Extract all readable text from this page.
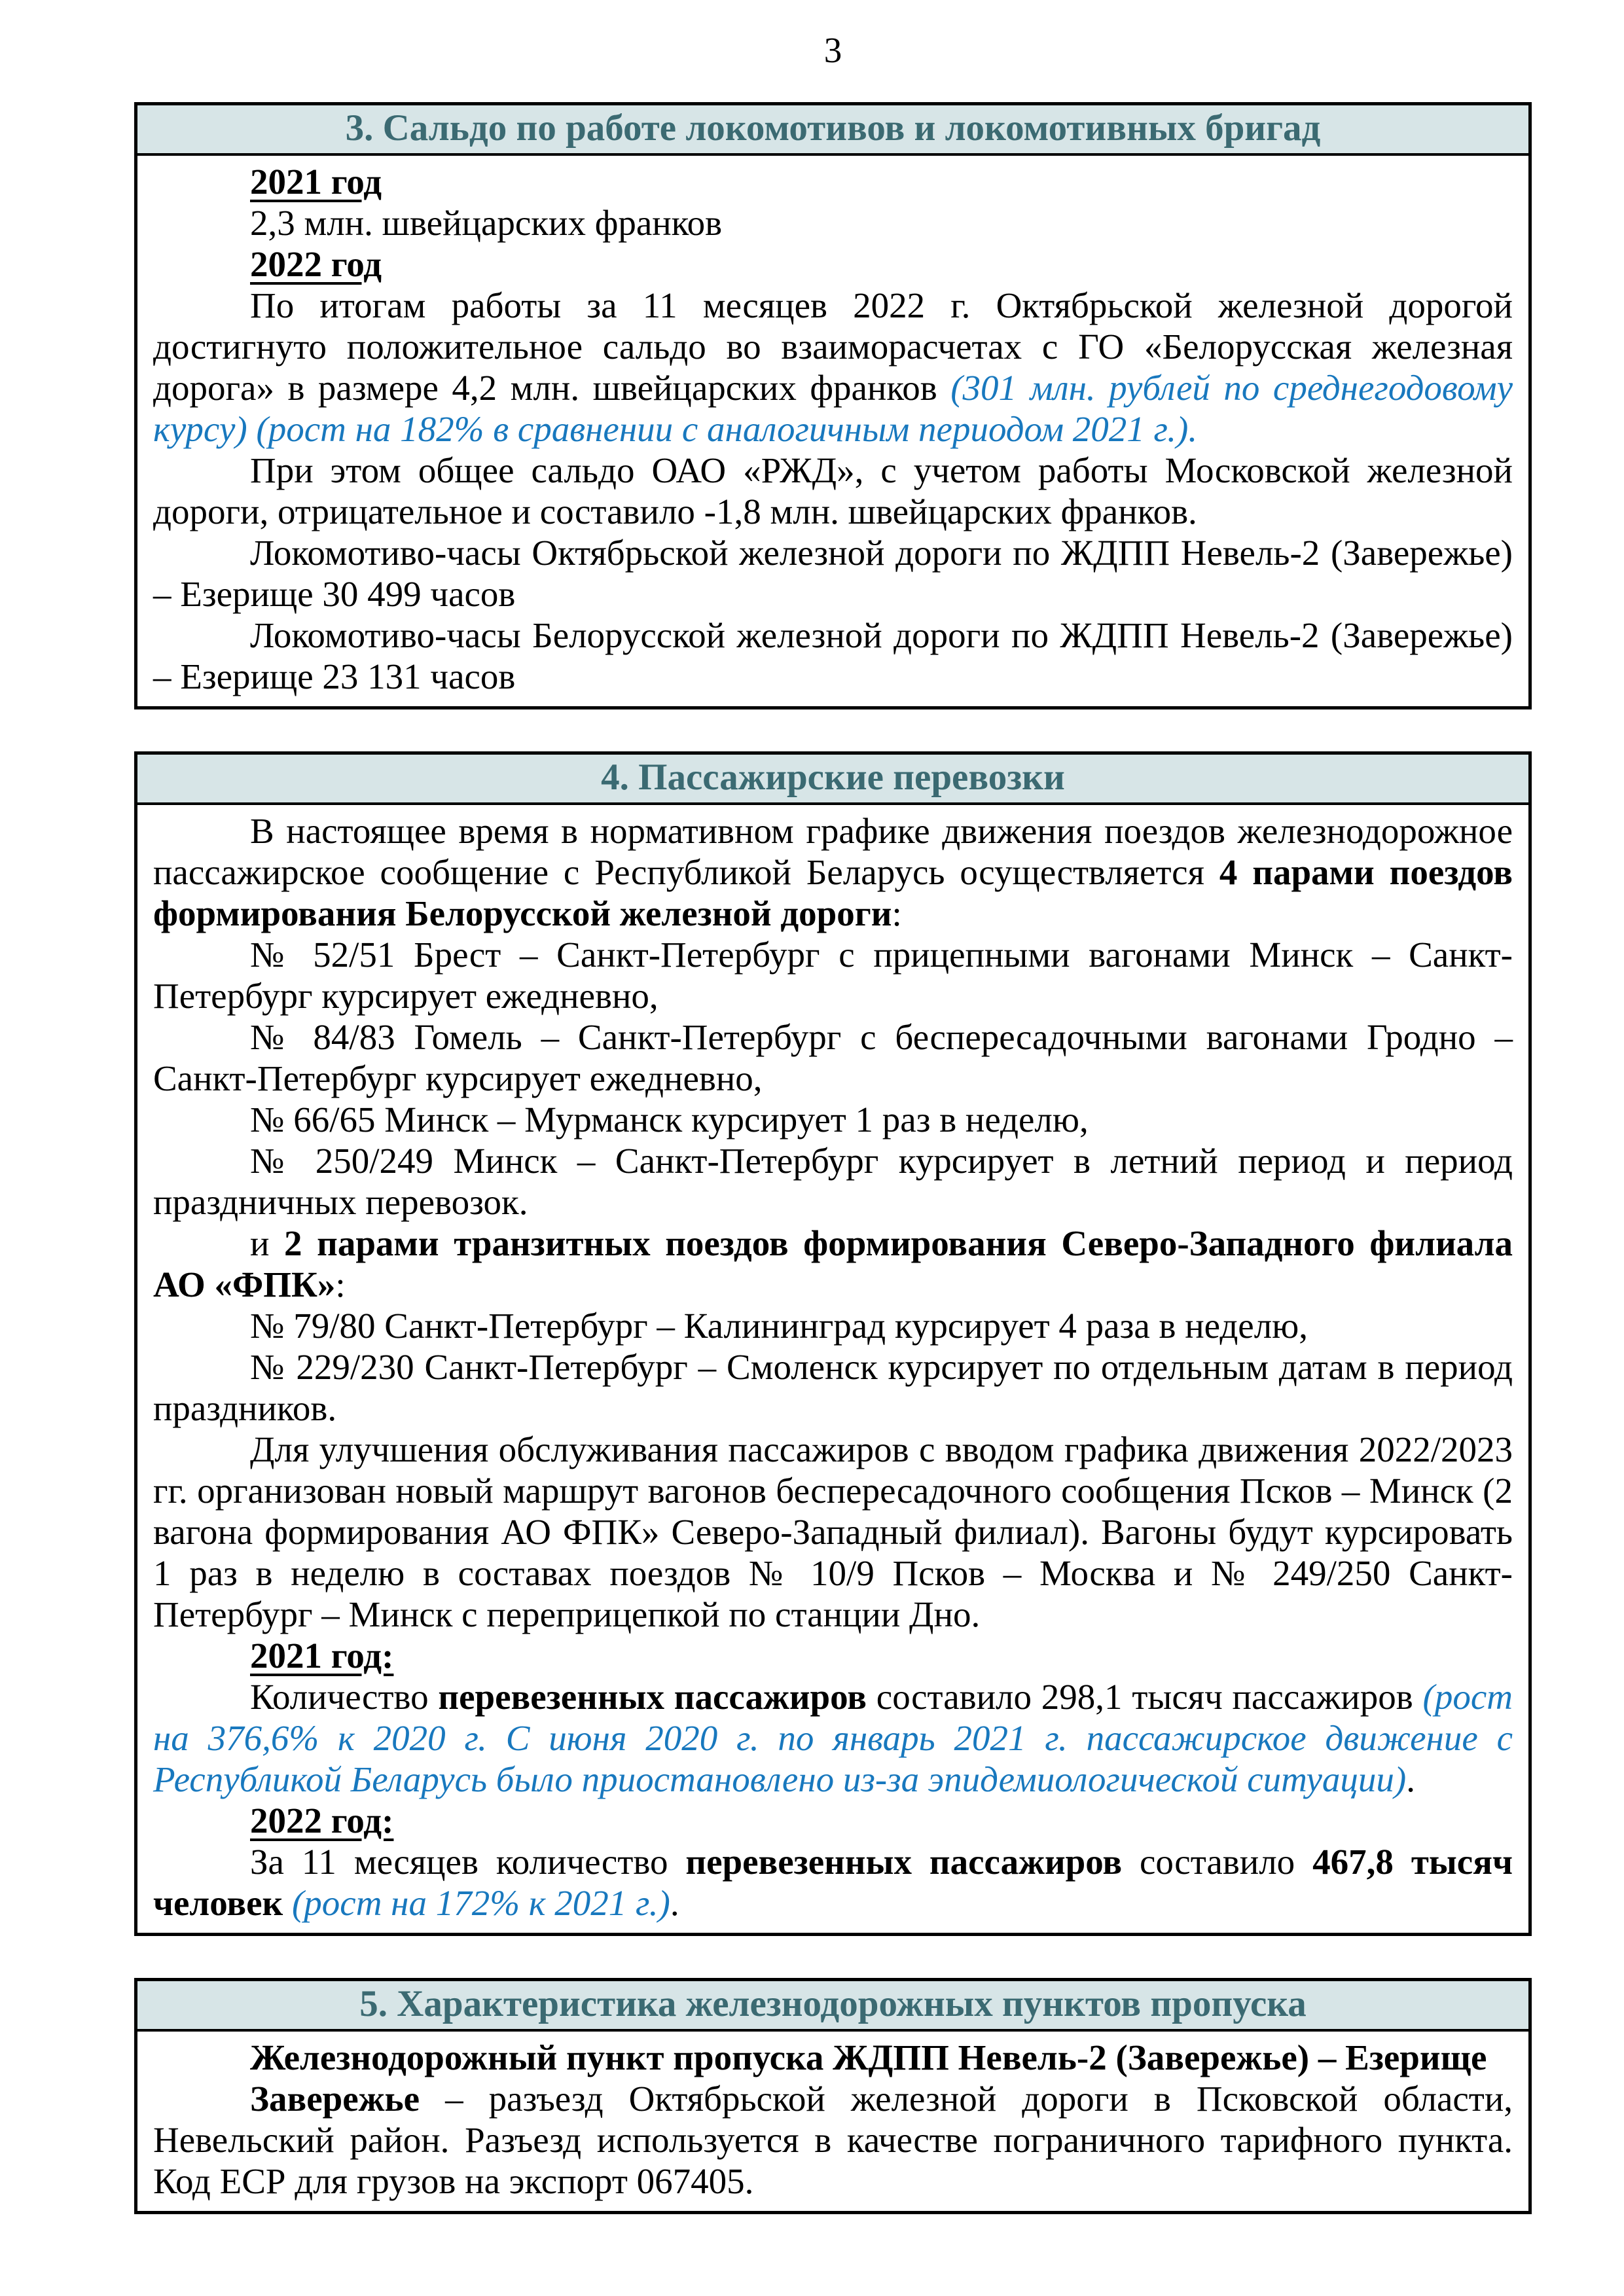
3
3. Сальдо по работе локомотивов и локомотивных бригад

2021 год

2,3 млн. швейцарских франков

2022 год

По итогам работы за 11 месяцев 2022 г. Октябрьской железной дорогой достигнуто положительное сальдо во взаиморасчетах с ГО «Белорусская железная дорога» в размере 4,2 млн. швейцарских франков (301 млн. рублей по среднегодовому курсу) (рост на 182% в сравнении с аналогичным периодом 2021 г.).

При этом общее сальдо ОАО «РЖД», с учетом работы Московской железной дороги, отрицательное и составило -1,8 млн. швейцарских франков.

Локомотиво-часы Октябрьской железной дороги по ЖДПП Невель-2 (Завережье) – Езерище 30 499 часов

Локомотиво-часы Белорусской железной дороги по ЖДПП Невель-2 (Завережье) – Езерище 23 131 часов

4. Пассажирские перевозки

В настоящее время в нормативном графике движения поездов железнодорожное пассажирское сообщение с Республикой Беларусь осуществляется 4 парами поездов формирования Белорусской железной дороги:

№ 52/51 Брест – Санкт-Петербург с прицепными вагонами Минск – Санкт-Петербург курсирует ежедневно,

№ 84/83 Гомель – Санкт-Петербург с беспересадочными вагонами Гродно – Санкт-Петербург курсирует ежедневно,

№ 66/65 Минск – Мурманск курсирует 1 раз в неделю,

№ 250/249 Минск – Санкт-Петербург курсирует в летний период и период праздничных перевозок.

и 2 парами транзитных поездов формирования Северо-Западного филиала АО «ФПК»:

№ 79/80 Санкт-Петербург – Калининград курсирует 4 раза в неделю,

№ 229/230 Санкт-Петербург – Смоленск курсирует по отдельным датам в период праздников.

Для улучшения обслуживания пассажиров с вводом графика движения 2022/2023 гг. организован новый маршрут вагонов беспересадочного сообщения Псков – Минск (2 вагона формирования АО ФПК» Северо-Западный филиал). Вагоны будут курсировать 1 раз в неделю в составах поездов № 10/9 Псков – Москва и № 249/250 Санкт-Петербург – Минск с переприцепкой по станции Дно.

2021 год:

Количество перевезенных пассажиров составило 298,1 тысяч пассажиров (рост на 376,6% к 2020 г. С июня 2020 г. по январь 2021 г. пассажирское движение с Республикой Беларусь было приостановлено из-за эпидемиологической ситуации).

2022 год:

За 11 месяцев количество перевезенных пассажиров составило 467,8 тысяч человек (рост на 172% к 2021 г.).

5. Характеристика железнодорожных пунктов пропуска

Железнодорожный пункт пропуска ЖДПП Невель-2 (Завережье) – Езерище

Завережье – разъезд Октябрьской железной дороги в Псковской области, Невельский район. Разъезд используется в качестве пограничного тарифного пункта. Код ЕСР для грузов на экспорт 067405.
